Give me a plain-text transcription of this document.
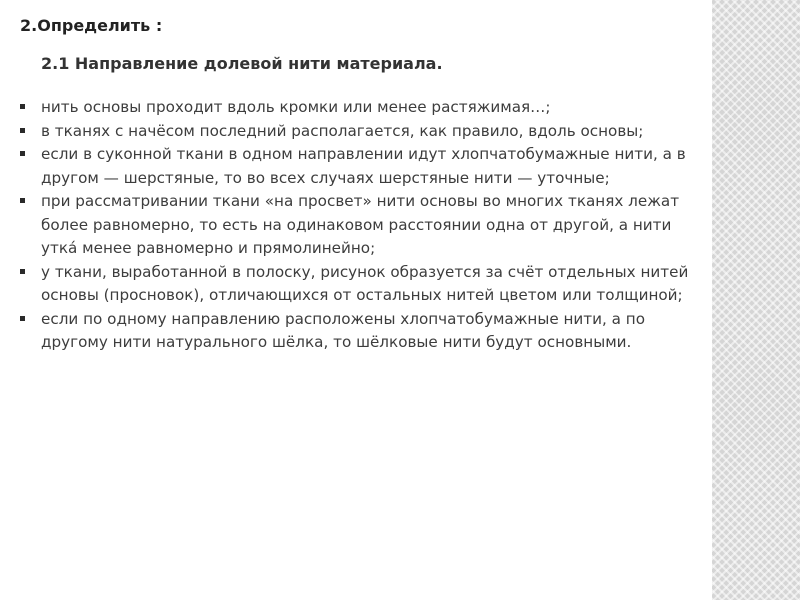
2.Определить :

2.1 Направление долевой нити материала.

нить основы проходит вдоль кромки или менее растяжимая…;
в тканях с начёсом последний располагается, как правило, вдоль основы;
если в суконной ткани в одном направлении идут хлопчатобумажные нити, а в другом — шерстяные, то во всех случаях шерстяные нити — уточные;
при рассматривании ткани «на просвет» нити основы во многих тканях лежат более равномерно, то есть на одинаковом расстоянии одна от другой, а нити утка́ менее равномерно и прямолинейно;
у ткани, выработанной в полоску, рисунок образуется за счёт отдельных нитей основы (просновок), отличающихся от остальных нитей цветом или толщиной;
если по одному направлению расположены хлопчатобумажные нити, а по другому нити натурального шёлка, то шёлковые нити будут основными.
